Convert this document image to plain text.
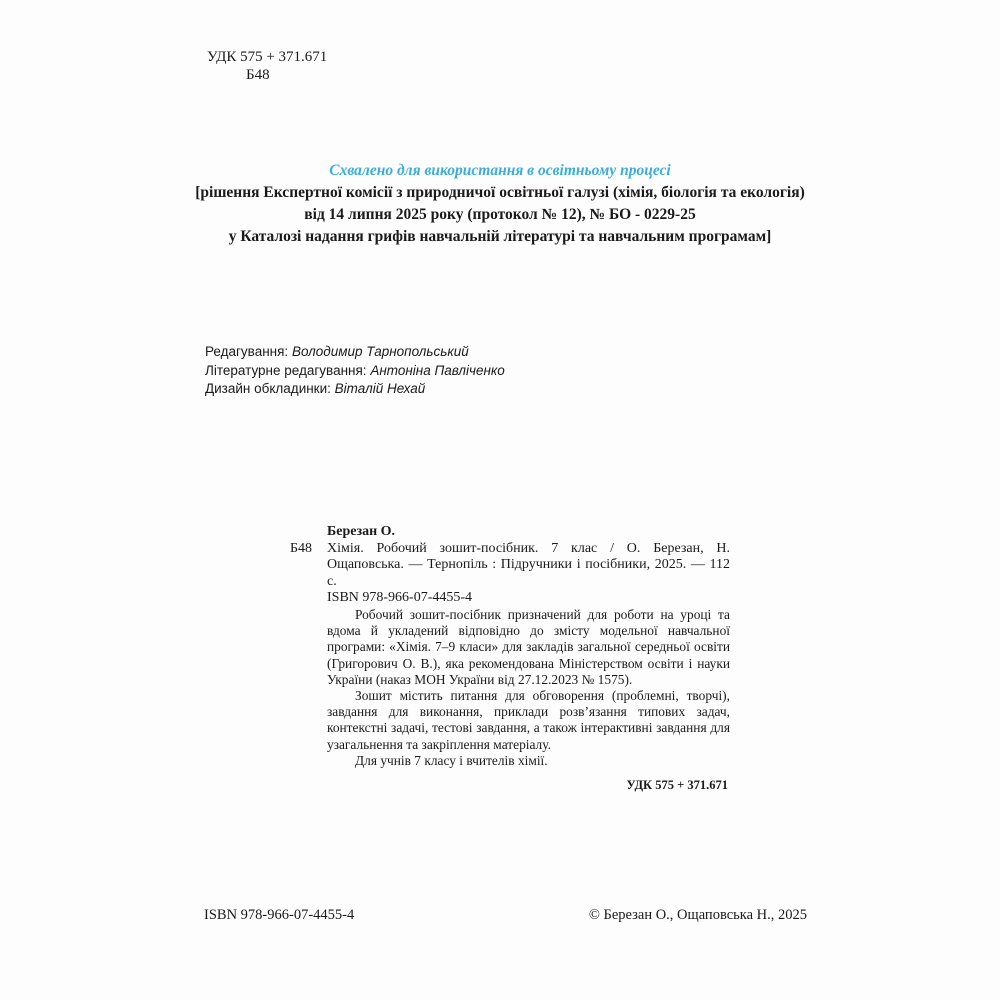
УДК 575 + 371.671
Б48
Схвалено для використання в освітньому процесі
[рішення Експертної комісії з природничої освітньої галузі (хімія, біологія та екологія)
від 14 липня 2025 року (протокол № 12), № БО - 0229-25
у Каталозі надання грифів навчальній літературі та навчальним програмам]
Редагування: Володимир Тарнопольський
Літературне редагування: Антоніна Павліченко
Дизайн обкладинки: Віталій Нехай
Березан О.
Б48	Хімія. Робочий зошит-посібник. 7 клас / О. Березан, Н. Ощаповська. — Тернопіль : Підручники і посібники, 2025. — 112 с.
ISBN 978-966-07-4455-4
Робочий зошит-посібник призначений для роботи на уроці та вдома й укладений відповідно до змісту модельної навчальної програми: «Хімія. 7–9 класи» для закладів загальної середньої освіти (Григорович О. В.), яка рекомендована Міністерством освіти і науки України (наказ МОН України від 27.12.2023 № 1575).
Зошит містить питання для обговорення (проблемні, творчі), завдання для виконання, приклади розв’язання типових задач, контекстні задачі, тестові завдання, а також інтерактивні завдання для узагальнення та закріплення матеріалу.
Для учнів 7 класу і вчителів хімії.
УДК 575 + 371.671
ISBN 978-966-07-4455-4	© Березан О., Ощаповська Н., 2025
